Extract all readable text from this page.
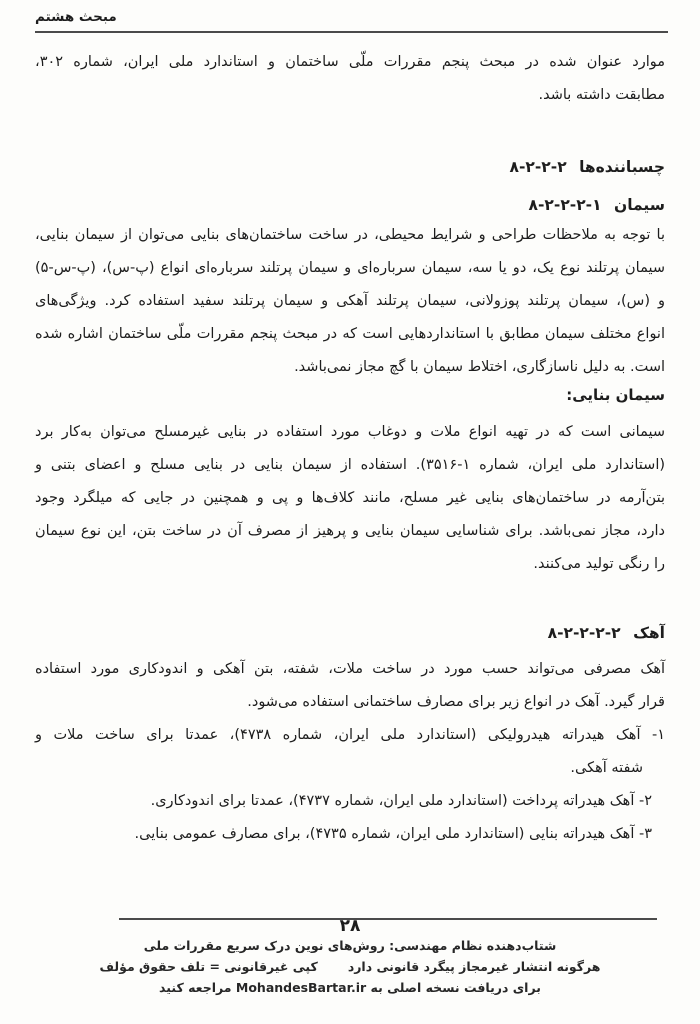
مبحث هشتم
موارد عنوان شده در مبحث پنجم مقررات ملّی ساختمان و استاندارد ملی ایران، شماره ۳۰۲،
مطابقت داشته باشد.
چسباننده‌ها ۸-۲-۲-۲
سیمان ۸-۲-۲-۲-۱
با توجه به ملاحظات طراحی و شرایط محیطی، در ساخت ساختمان‌های بنایی می‌توان از سیمان بنایی،
سیمان پرتلند نوع یک، دو یا سه، سیمان سرباره‌ای و سیمان پرتلند سرباره‌ای انواع (پ-س)، (پ-س-۵)
و (س)، سیمان پرتلند پوزولانی، سیمان پرتلند آهکی و سیمان پرتلند سفید استفاده کرد. ویژگی‌های
انواع مختلف سیمان مطابق با استانداردهایی است که در مبحث پنجم مقررات ملّی ساختمان اشاره شده
است. به دلیل ناسازگاری، اختلاط سیمان با گچ مجاز نمی‌باشد.
سیمان بنایی:
سیمانی است که در تهیه انواع ملات و دوغاب مورد استفاده در بنایی غیرمسلح می‌توان به‌کار برد
(استاندارد ملی ایران، شماره ۱-۳۵۱۶). استفاده از سیمان بنایی در بنایی مسلح و اعضای بتنی و
بتن‌آرمه در ساختمان‌های بنایی غیر مسلح، مانند کلاف‌ها و پی و همچنین در جایی که میلگرد وجود
دارد، مجاز نمی‌باشد. برای شناسایی سیمان بنایی و پرهیز از مصرف آن در ساخت بتن، این نوع سیمان
را رنگی تولید می‌کنند.
آهک ۸-۲-۲-۲-۲
آهک مصرفی می‌تواند حسب مورد در ساخت ملات، شفته، بتن آهکی و اندودکاری مورد استفاده
قرار گیرد. آهک در انواع زیر برای مصارف ساختمانی استفاده می‌شود.
۱- آهک هیدراته هیدرولیکی (استاندارد ملی ایران، شماره ۴۷۳۸)، عمدتا برای ساخت ملات و
شفته آهکی.
۲- آهک هیدراته پرداخت (استاندارد ملی ایران، شماره ۴۷۳۷)، عمدتا برای اندودکاری.
۳- آهک هیدراته بنایی (استاندارد ملی ایران، شماره ۴۷۳۵)، برای مصارف عمومی بنایی.
۲۸
شتاب‌دهنده نظام مهندسی: روش‌های نوین درک سریع مقررات ملی
کپی غیرقانونی = تلف حقوق مؤلف هرگونه انتشار غیرمجاز پیگرد قانونی دارد
برای دریافت نسخه اصلی به MohandesBartar.ir مراجعه کنید
